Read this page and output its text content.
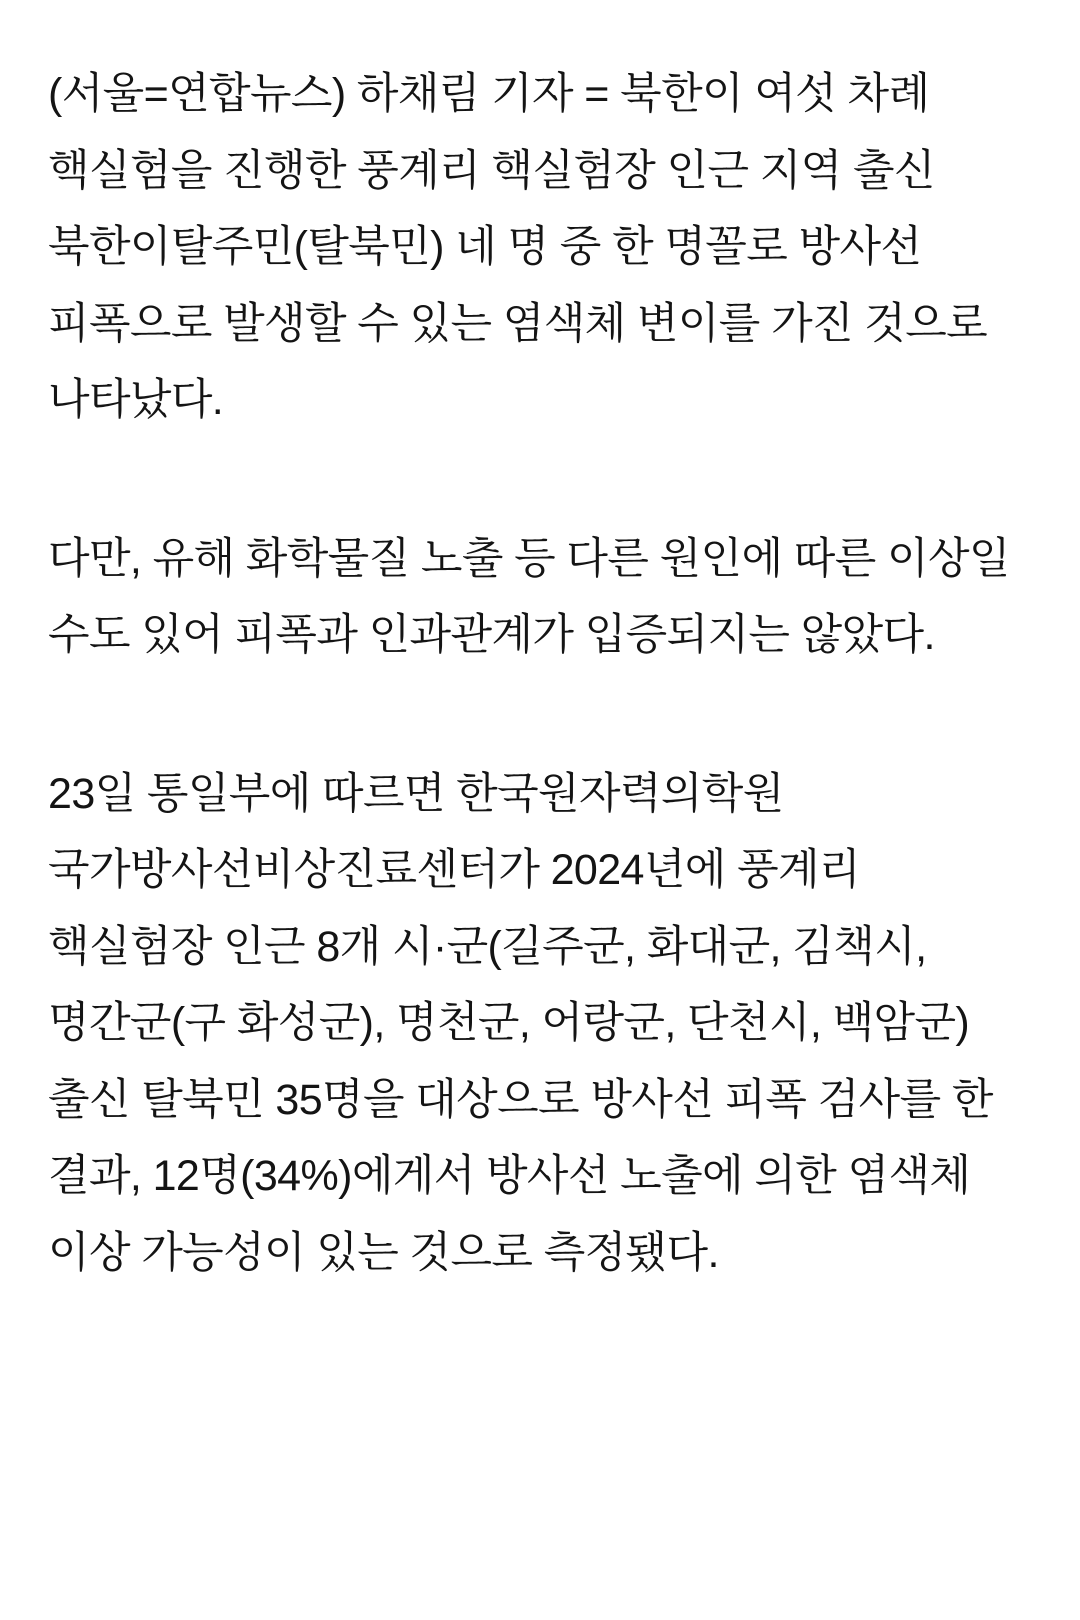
(서울=연합뉴스) 하채림 기자 = 북한이 여섯 차례 핵실험을 진행한 풍계리 핵실험장 인근 지역 출신 북한이탈주민(탈북민) 네 명 중 한 명꼴로 방사선 피폭으로 발생할 수 있는 염색체 변이를 가진 것으로 나타났다.

다만, 유해 화학물질 노출 등 다른 원인에 따른 이상일 수도 있어 피폭과 인과관계가 입증되지는 않았다.

23일 통일부에 따르면 한국원자력의학원 국가방사선비상진료센터가 2024년에 풍계리 핵실험장 인근 8개 시·군(길주군, 화대군, 김책시, 명간군(구 화성군), 명천군, 어랑군, 단천시, 백암군) 출신 탈북민 35명을 대상으로 방사선 피폭 검사를 한 결과, 12명(34%)에게서 방사선 노출에 의한 염색체 이상 가능성이 있는 것으로 측정됐다.
